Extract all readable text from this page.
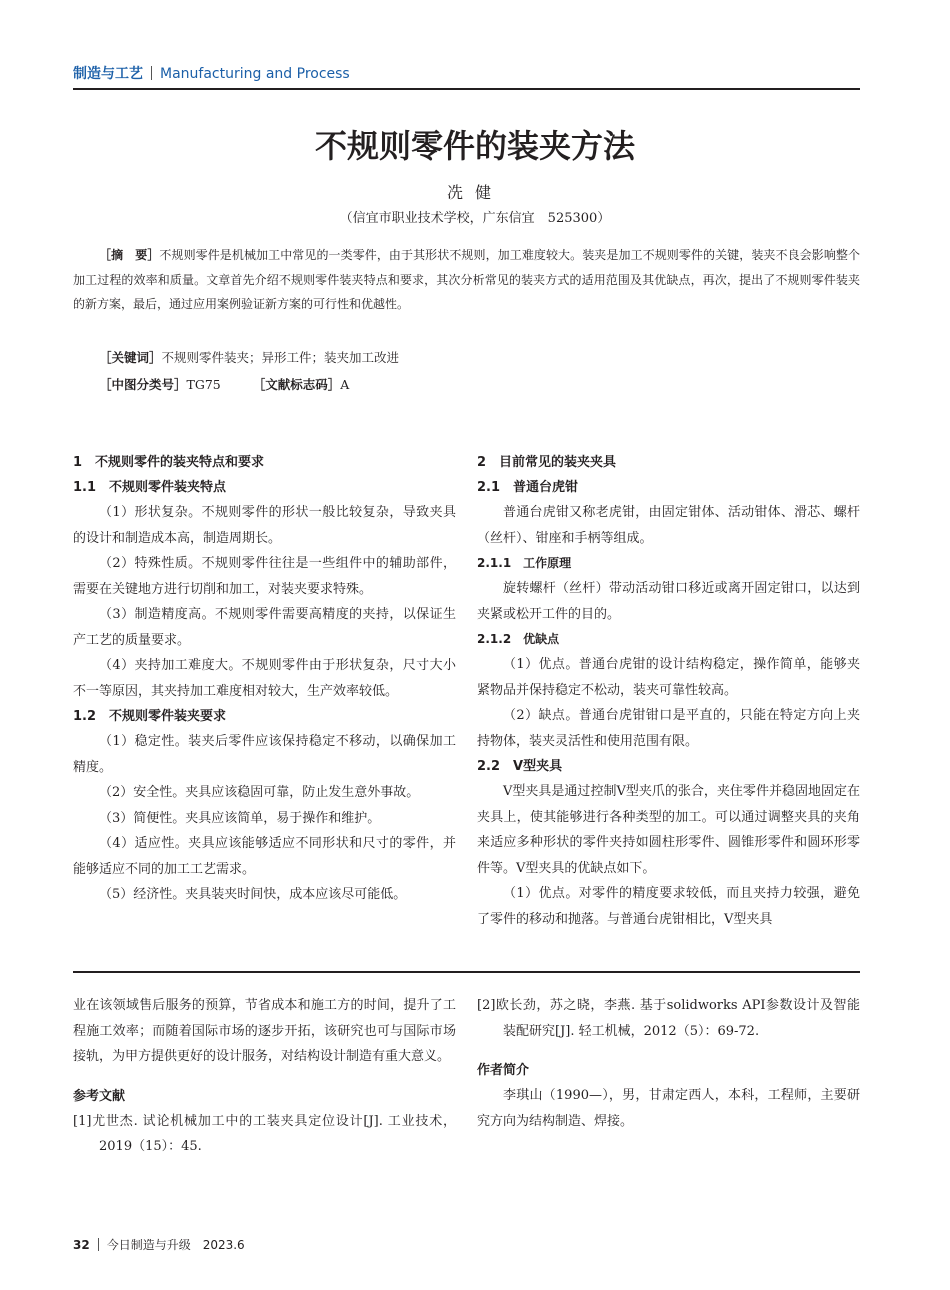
制造与工艺 Manufacturing and Process
不规则零件的装夹方法
冼健
（信宜市职业技术学校，广东信宜　525300）
［摘　要］不规则零件是机械加工中常见的一类零件，由于其形状不规则，加工难度较大。装夹是加工不规则零件的关键，装夹不良会影响整个加工过程的效率和质量。文章首先介绍不规则零件装夹特点和要求，其次分析常见的装夹方式的适用范围及其优缺点，再次，提出了不规则零件装夹的新方案，最后，通过应用案例验证新方案的可行性和优越性。
［关键词］不规则零件装夹；异形工件；装夹加工改进
［中图分类号］TG75	［文献标志码］A
1　不规则零件的装夹特点和要求
1.1　不规则零件装夹特点
（1）形状复杂。不规则零件的形状一般比较复杂，导致夹具的设计和制造成本高，制造周期长。
（2）特殊性质。不规则零件往往是一些组件中的辅助部件，需要在关键地方进行切削和加工，对装夹要求特殊。
（3）制造精度高。不规则零件需要高精度的夹持，以保证生产工艺的质量要求。
（4）夹持加工难度大。不规则零件由于形状复杂，尺寸大小不一等原因，其夹持加工难度相对较大，生产效率较低。
1.2　不规则零件装夹要求
（1）稳定性。装夹后零件应该保持稳定不移动，以确保加工精度。
（2）安全性。夹具应该稳固可靠，防止发生意外事故。
（3）简便性。夹具应该简单，易于操作和维护。
（4）适应性。夹具应该能够适应不同形状和尺寸的零件，并能够适应不同的加工工艺需求。
（5）经济性。夹具装夹时间快，成本应该尽可能低。
2　目前常见的装夹夹具
2.1　普通台虎钳
普通台虎钳又称老虎钳，由固定钳体、活动钳体、滑芯、螺杆（丝杆）、钳座和手柄等组成。
2.1.1　工作原理
旋转螺杆（丝杆）带动活动钳口移近或离开固定钳口，以达到夹紧或松开工件的目的。
2.1.2　优缺点
（1）优点。普通台虎钳的设计结构稳定，操作简单，能够夹紧物品并保持稳定不松动，装夹可靠性较高。
（2）缺点。普通台虎钳钳口是平直的，只能在特定方向上夹持物体，装夹灵活性和使用范围有限。
2.2　V型夹具
V型夹具是通过控制V型夹爪的张合，夹住零件并稳固地固定在夹具上，使其能够进行各种类型的加工。可以通过调整夹具的夹角来适应多种形状的零件夹持如圆柱形零件、圆锥形零件和圆环形零件等。V型夹具的优缺点如下。
（1）优点。对零件的精度要求较低，而且夹持力较强，避免了零件的移动和抛落。与普通台虎钳相比，V型夹具
业在该领域售后服务的预算，节省成本和施工方的时间，提升了工程施工效率；而随着国际市场的逐步开拓，该研究也可与国际市场接轨，为甲方提供更好的设计服务，对结构设计制造有重大意义。
参考文献
[1]尤世杰. 试论机械加工中的工装夹具定位设计[J]. 工业技术，2019（15）：45.
[2]欧长劲，苏之晓，李燕. 基于solidworks API参数设计及智能装配研究[J]. 轻工机械，2012（5）：69-72.
作者简介
李琪山（1990—），男，甘肃定西人，本科，工程师，主要研究方向为结构制造、焊接。
32 今日制造与升级　2023.6
